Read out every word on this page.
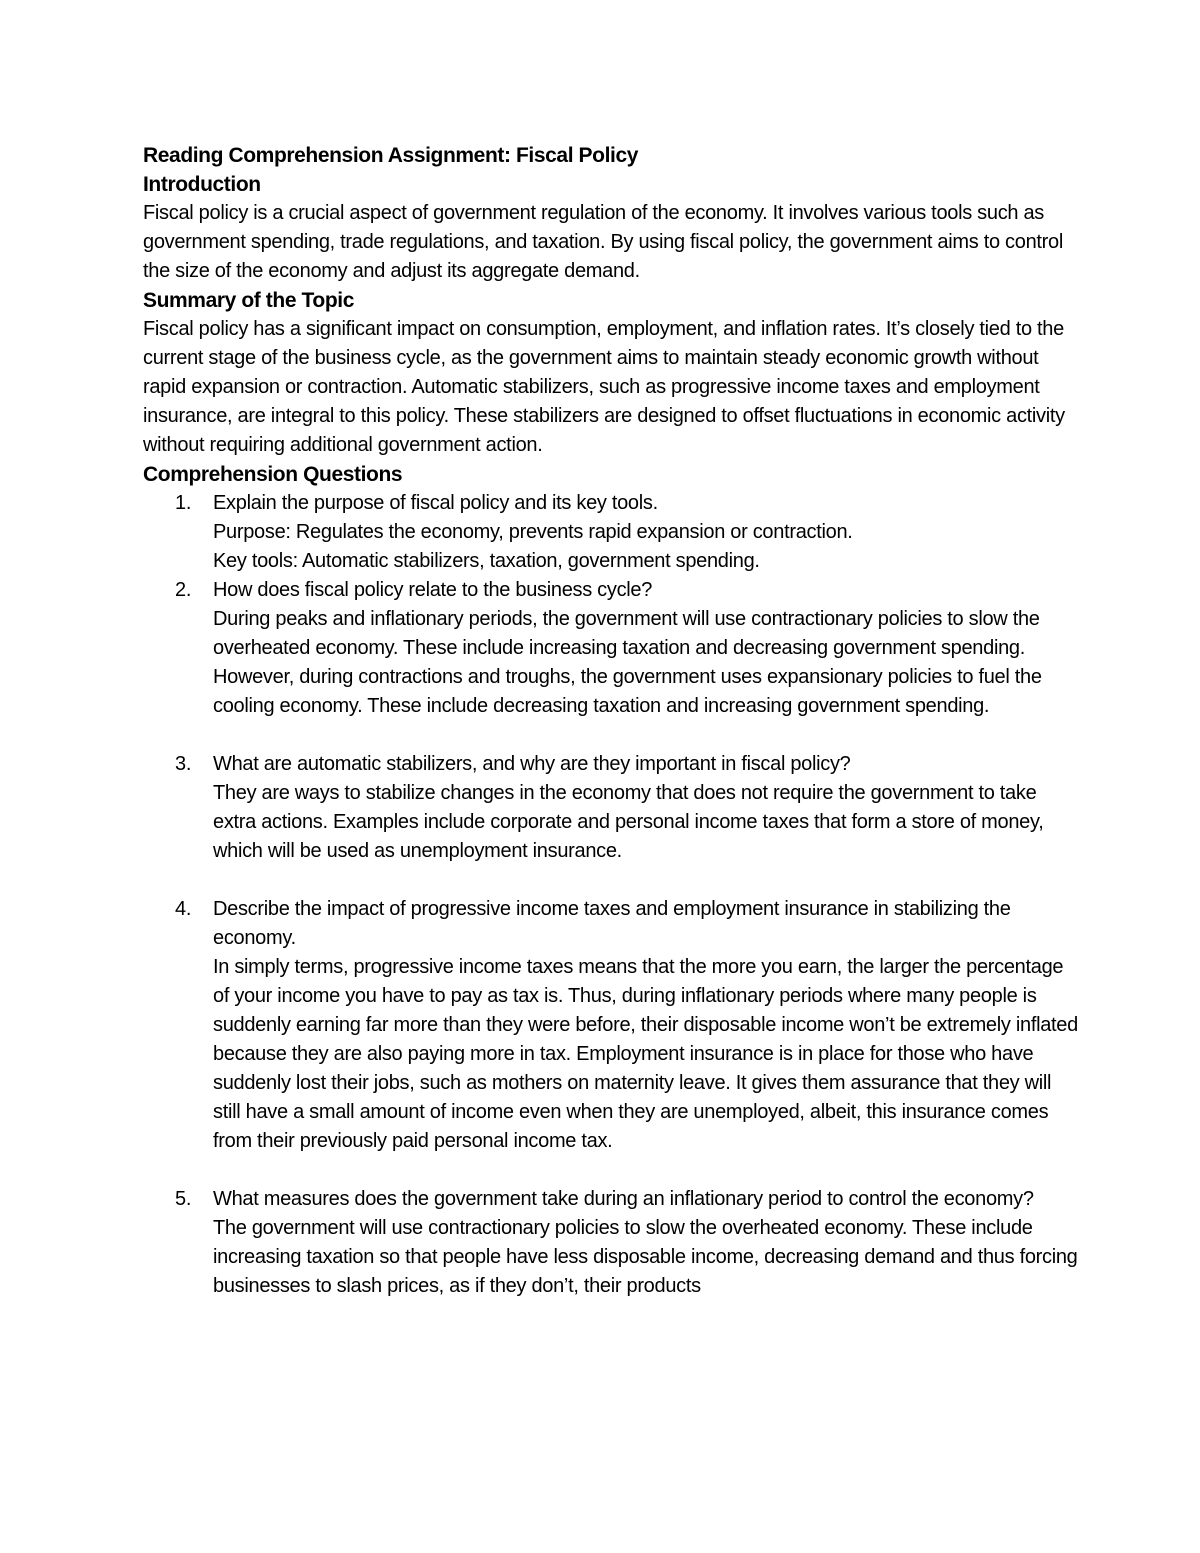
Reading Comprehension Assignment: Fiscal Policy

Introduction

Fiscal policy is a crucial aspect of government regulation of the economy. It involves various tools such as government spending, trade regulations, and taxation. By using fiscal policy, the government aims to control the size of the economy and adjust its aggregate demand.

Summary of the Topic

Fiscal policy has a significant impact on consumption, employment, and inflation rates. It’s closely tied to the current stage of the business cycle, as the government aims to maintain steady economic growth without rapid expansion or contraction. Automatic stabilizers, such as progressive income taxes and employment insurance, are integral to this policy. These stabilizers are designed to offset fluctuations in economic activity without requiring additional government action.

Comprehension Questions

1. Explain the purpose of fiscal policy and its key tools.
Purpose: Regulates the economy, prevents rapid expansion or contraction.
Key tools: Automatic stabilizers, taxation, government spending.
2. How does fiscal policy relate to the business cycle?
During peaks and inflationary periods, the government will use contractionary policies to slow the overheated economy. These include increasing taxation and decreasing government spending. However, during contractions and troughs, the government uses expansionary policies to fuel the cooling economy. These include decreasing taxation and increasing government spending.
3. What are automatic stabilizers, and why are they important in fiscal policy?
They are ways to stabilize changes in the economy that does not require the government to take extra actions. Examples include corporate and personal income taxes that form a store of money, which will be used as unemployment insurance.
4. Describe the impact of progressive income taxes and employment insurance in stabilizing the economy.
In simply terms, progressive income taxes means that the more you earn, the larger the percentage of your income you have to pay as tax is. Thus, during inflationary periods where many people is suddenly earning far more than they were before, their disposable income won’t be extremely inflated because they are also paying more in tax. Employment insurance is in place for those who have suddenly lost their jobs, such as mothers on maternity leave. It gives them assurance that they will still have a small amount of income even when they are unemployed, albeit, this insurance comes from their previously paid personal income tax.
5. What measures does the government take during an inflationary period to control the economy?
The government will use contractionary policies to slow the overheated economy. These include increasing taxation so that people have less disposable income, decreasing demand and thus forcing businesses to slash prices, as if they don’t, their products
